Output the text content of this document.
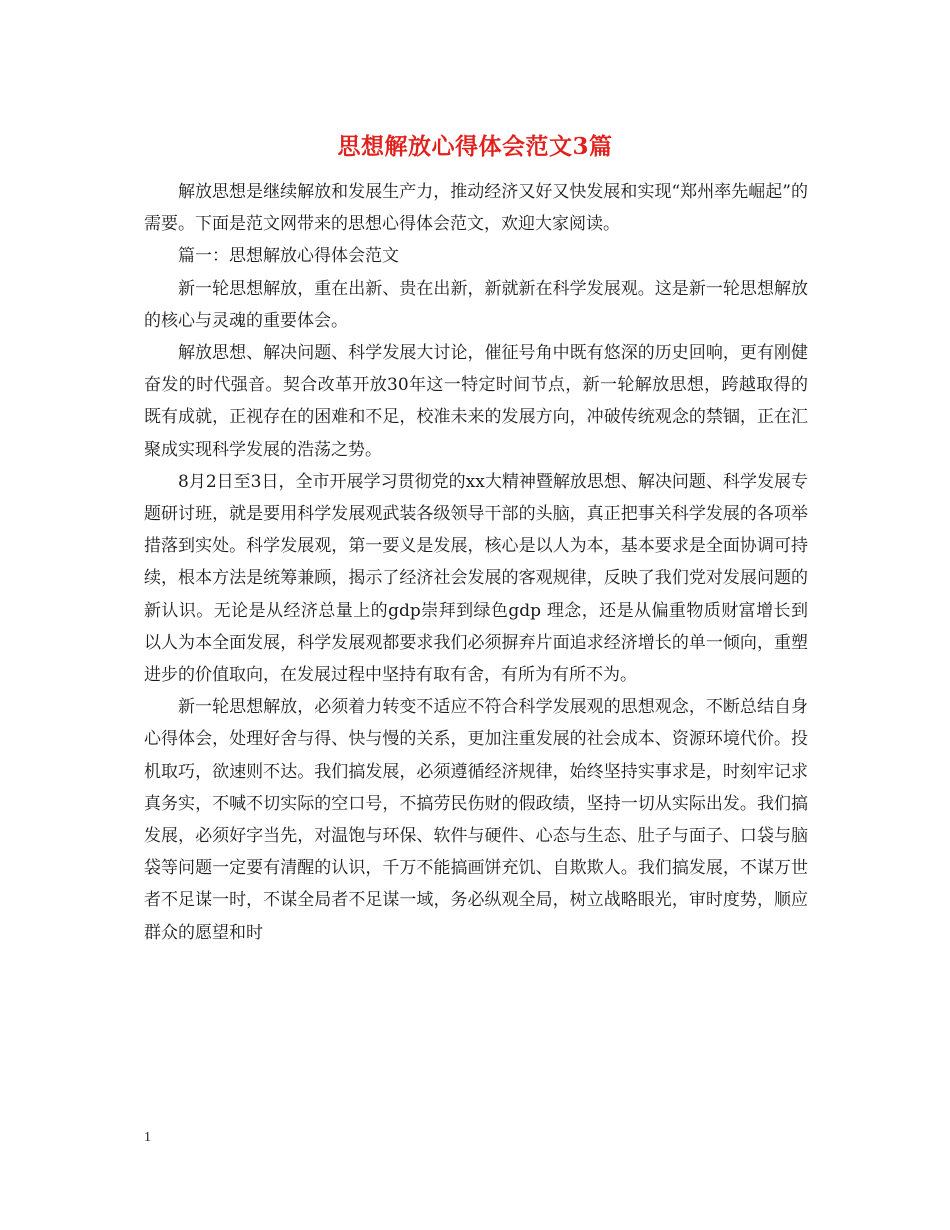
思想解放心得体会范文3篇

解放思想是继续解放和发展生产力，推动经济又好又快发展和实现“郑州率先崛起”的需要。下面是范文网带来的思想心得体会范文，欢迎大家阅读。

篇一：思想解放心得体会范文

新一轮思想解放，重在出新、贵在出新，新就新在科学发展观。这是新一轮思想解放的核心与灵魂的重要体会。

解放思想、解决问题、科学发展大讨论，催征号角中既有悠深的历史回响，更有刚健奋发的时代强音。契合改革开放30年这一特定时间节点，新一轮解放思想，跨越取得的既有成就，正视存在的困难和不足，校准未来的发展方向，冲破传统观念的禁锢，正在汇聚成实现科学发展的浩荡之势。

8月2日至3日，全市开展学习贯彻党的xx大精神暨解放思想、解决问题、科学发展专题研讨班，就是要用科学发展观武装各级领导干部的头脑，真正把事关科学发展的各项举措落到实处。科学发展观，第一要义是发展，核心是以人为本，基本要求是全面协调可持续，根本方法是统筹兼顾，揭示了经济社会发展的客观规律，反映了我们党对发展问题的新认识。无论是从经济总量上的gdp崇拜到绿色gdp 理念，还是从偏重物质财富增长到以人为本全面发展，科学发展观都要求我们必须摒弃片面追求经济增长的单一倾向，重塑进步的价值取向，在发展过程中坚持有取有舍，有所为有所不为。

新一轮思想解放，必须着力转变不适应不符合科学发展观的思想观念，不断总结自身心得体会，处理好舍与得、快与慢的关系，更加注重发展的社会成本、资源环境代价。投机取巧，欲速则不达。我们搞发展，必须遵循经济规律，始终坚持实事求是，时刻牢记求真务实，不喊不切实际的空口号，不搞劳民伤财的假政绩，坚持一切从实际出发。我们搞发展，必须好字当先，对温饱与环保、软件与硬件、心态与生态、肚子与面子、口袋与脑袋等问题一定要有清醒的认识，千万不能搞画饼充饥、自欺欺人。我们搞发展，不谋万世者不足谋一时，不谋全局者不足谋一域，务必纵观全局，树立战略眼光，审时度势，顺应群众的愿望和时

1
